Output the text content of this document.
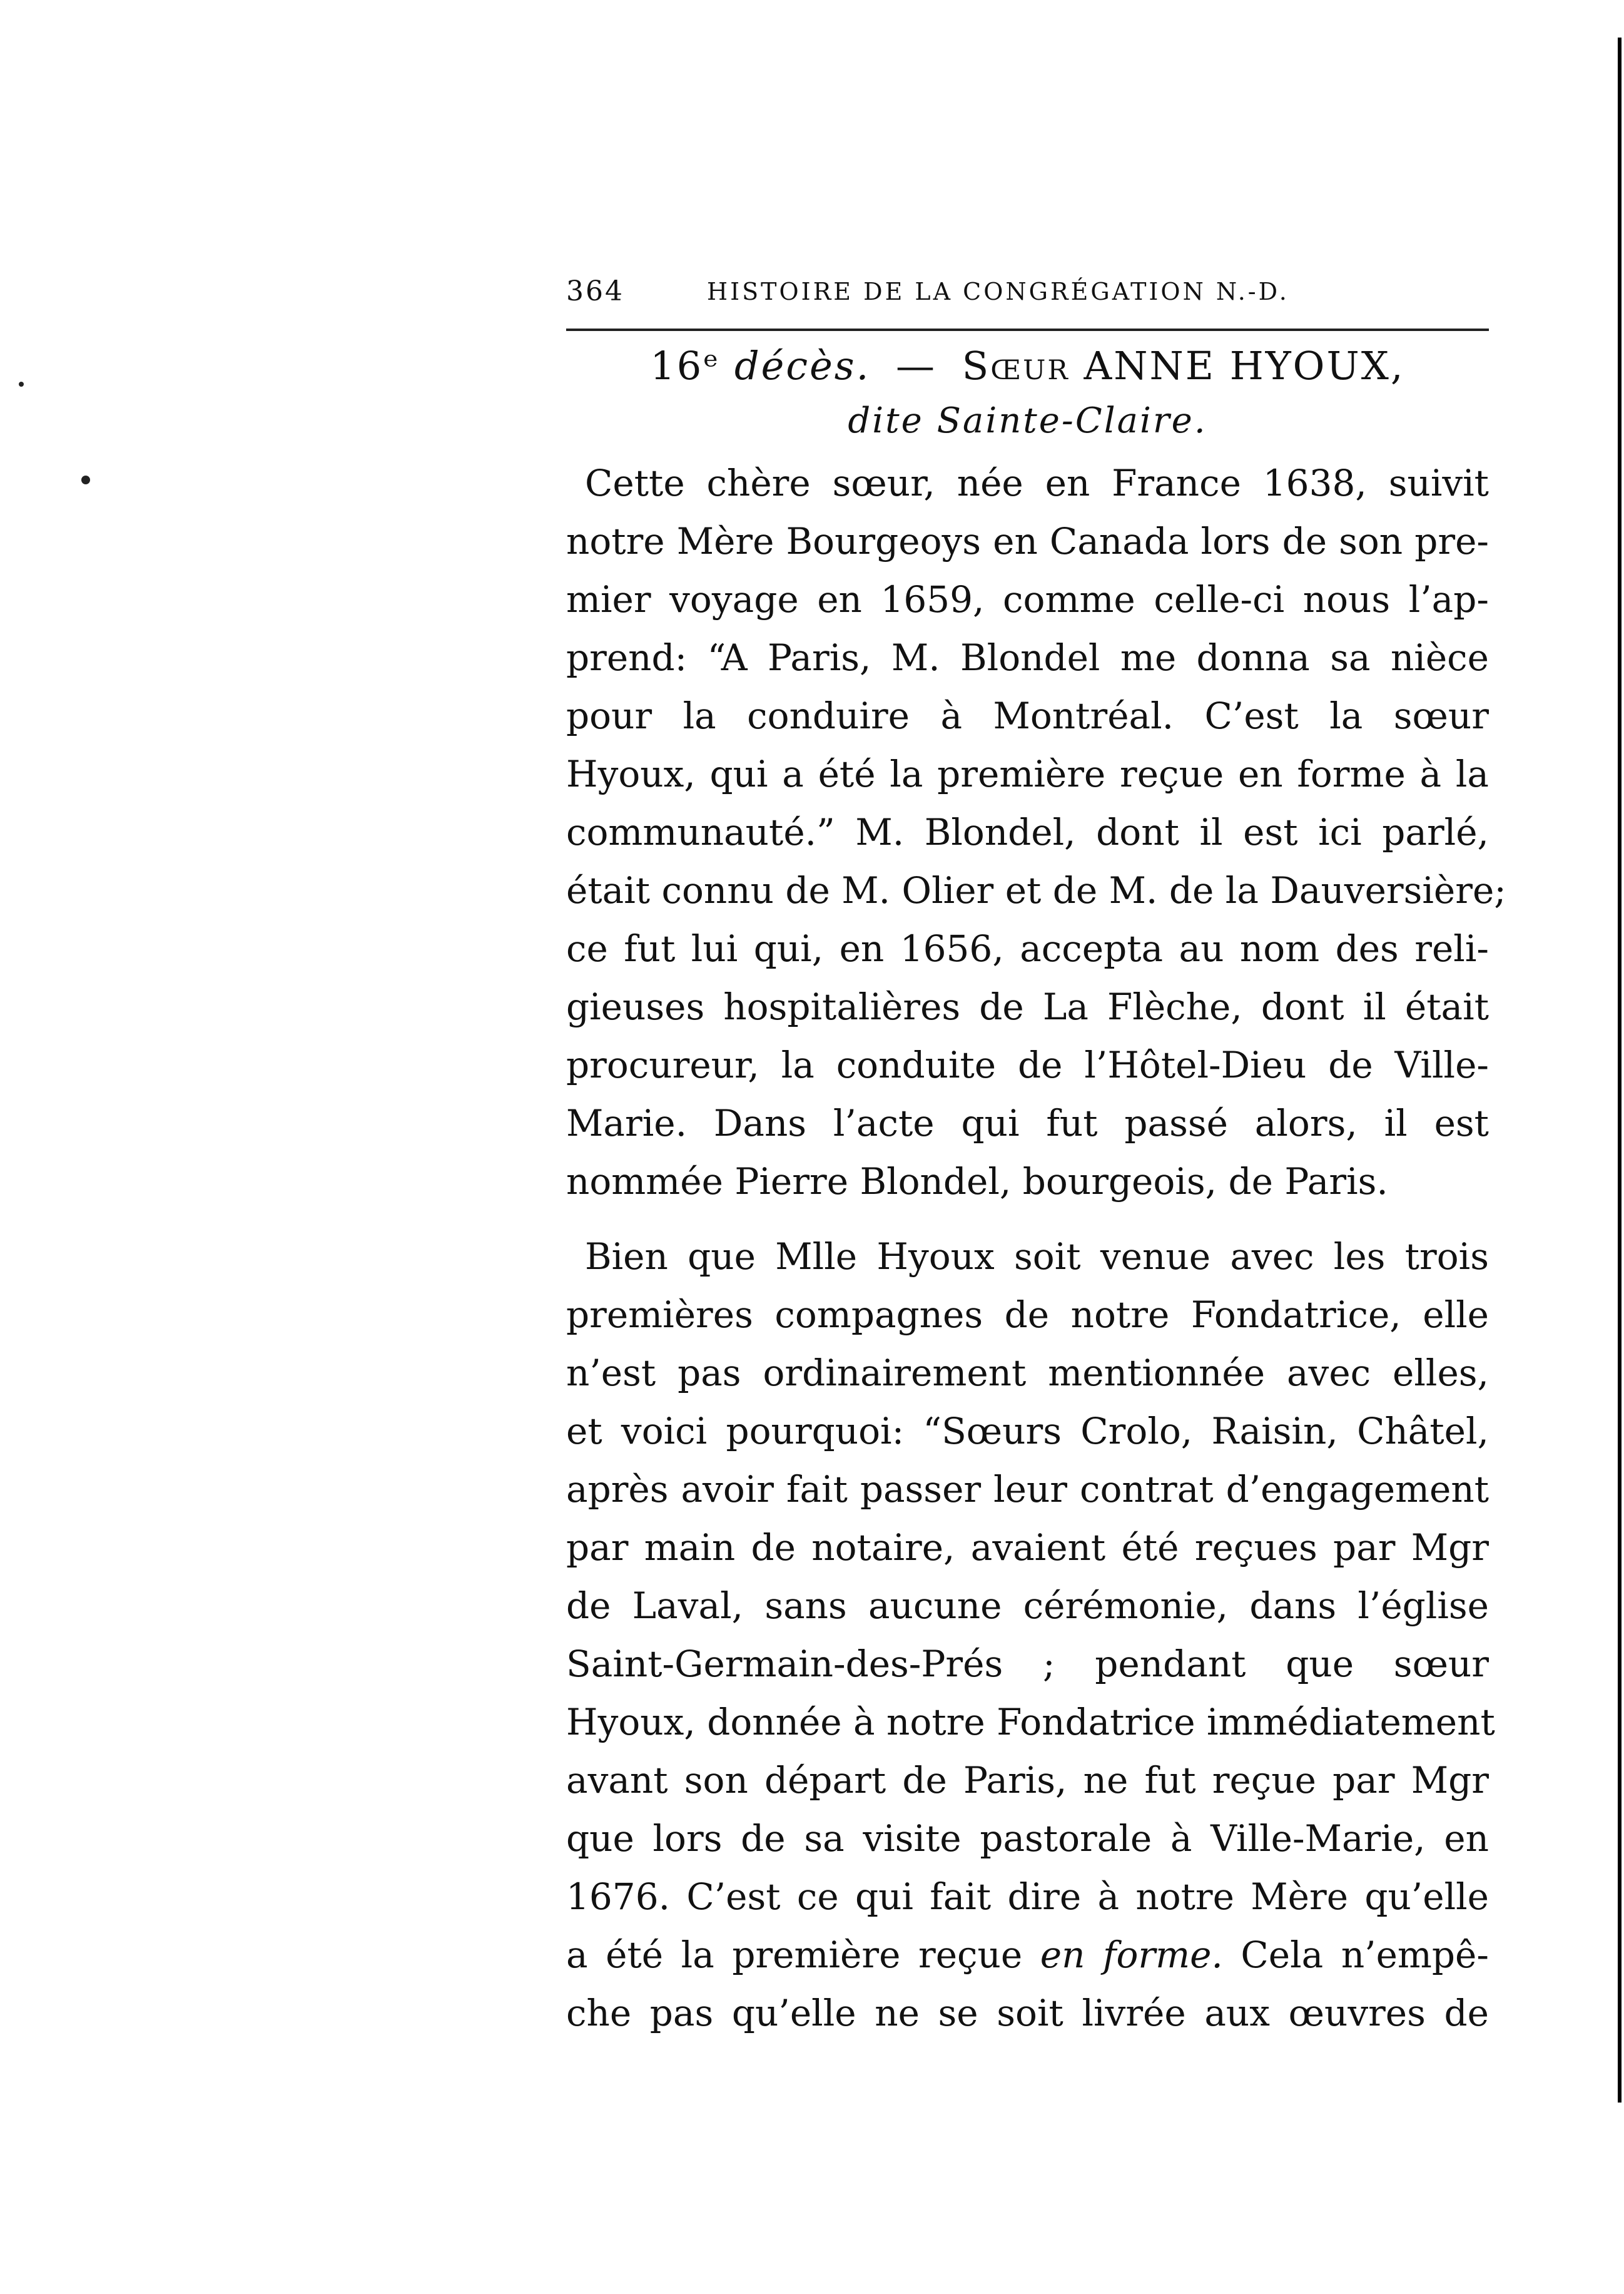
364	HISTOIRE DE LA CONGRÉGATION N.-D.
16ᵉ décès. — Sœur ANNE HYOUX,
dite Sainte-Claire.
Cette chère sœur, née en France 1638, suivit
notre Mère Bourgeoys en Canada lors de son pre-
mier voyage en 1659, comme celle-ci nous l’ap-
prend: “A Paris, M. Blondel me donna sa nièce
pour la conduire à Montréal. C’est la sœur
Hyoux, qui a été la première reçue en forme à la
communauté.” M. Blondel, dont il est ici parlé,
était connu de M. Olier et de M. de la Dauversière;
ce fut lui qui, en 1656, accepta au nom des reli-
gieuses hospitalières de La Flèche, dont il était
procureur, la conduite de l’Hôtel-Dieu de Ville-
Marie. Dans l’acte qui fut passé alors, il est
nommée Pierre Blondel, bourgeois, de Paris.
Bien que Mlle Hyoux soit venue avec les trois
premières compagnes de notre Fondatrice, elle
n’est pas ordinairement mentionnée avec elles,
et voici pourquoi: “Sœurs Crolo, Raisin, Châtel,
après avoir fait passer leur contrat d’engagement
par main de notaire, avaient été reçues par Mgr
de Laval, sans aucune cérémonie, dans l’église
Saint-Germain-des-Prés ; pendant que sœur
Hyoux, donnée à notre Fondatrice immédiatement
avant son départ de Paris, ne fut reçue par Mgr
que lors de sa visite pastorale à Ville-Marie, en
1676. C’est ce qui fait dire à notre Mère qu’elle
a été la première reçue en forme. Cela n’empê-
che pas qu’elle ne se soit livrée aux œuvres de
